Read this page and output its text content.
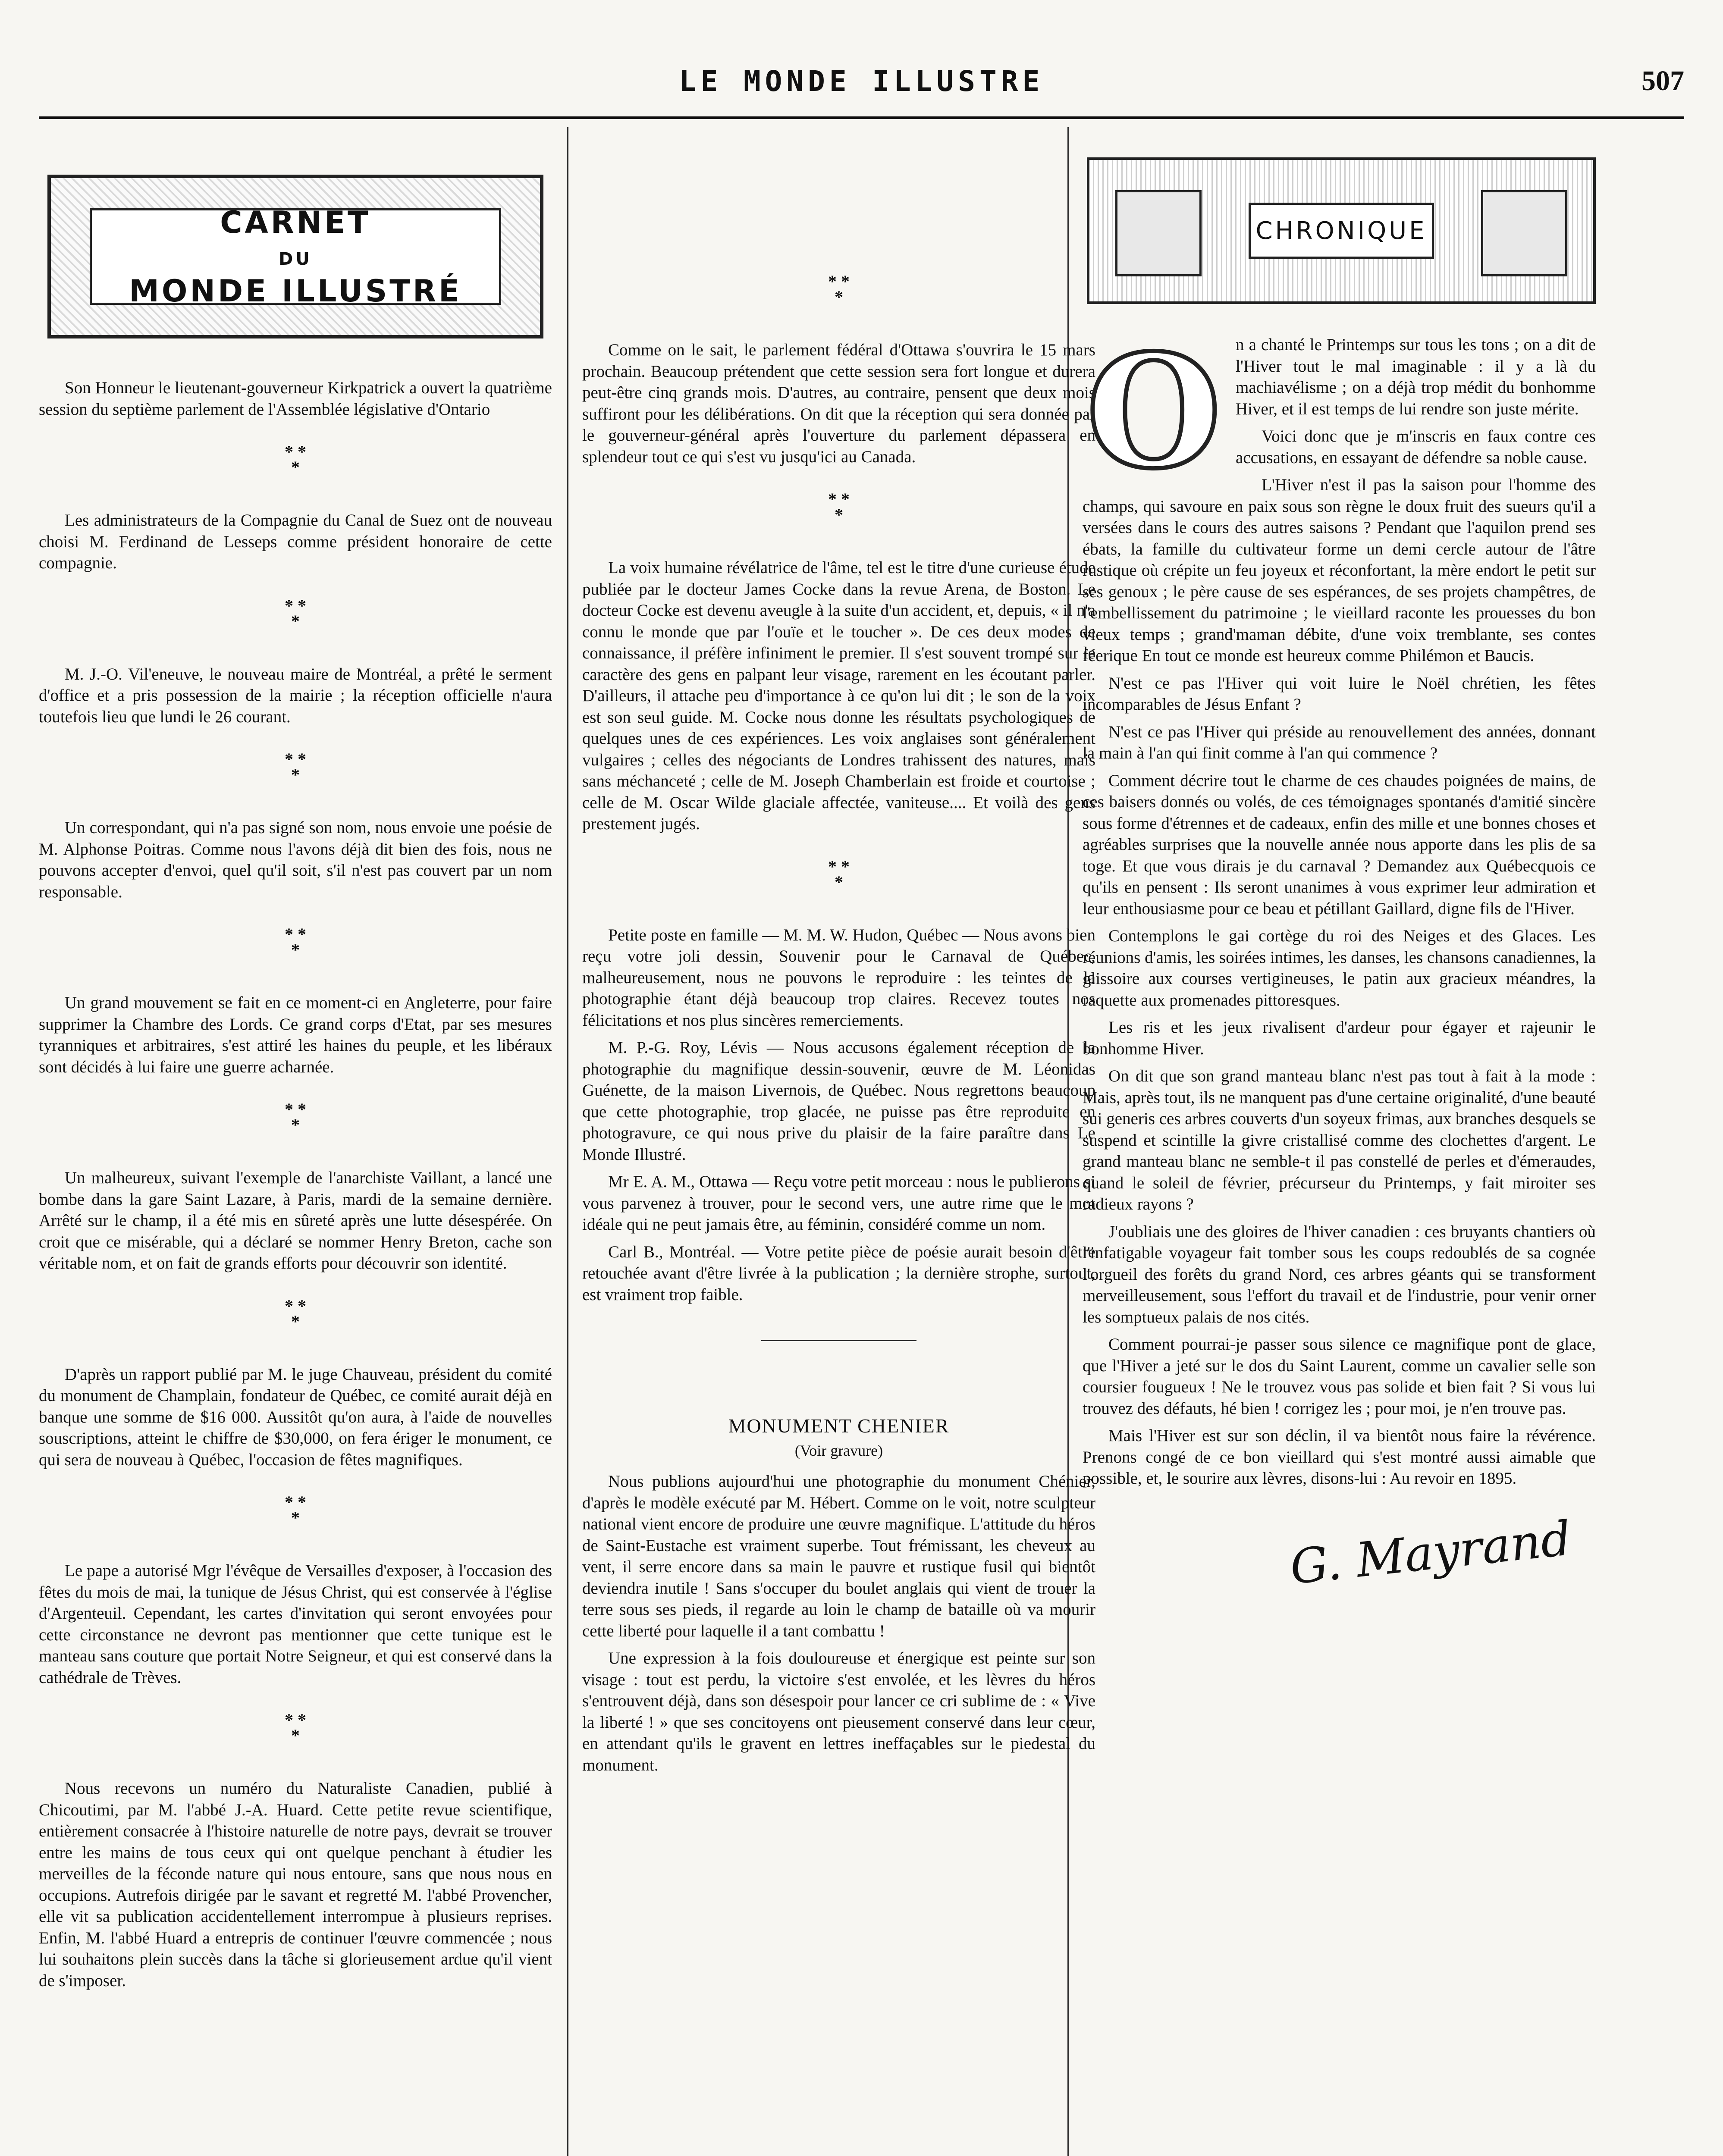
LE MONDE ILLUSTRE	507
CARNET
DU
MONDE ILLUSTRÉ

Son Honneur le lieutenant-gouverneur Kirkpatrick a ouvert la quatrième session du septième parlement de l'Assemblée législative d'Ontario

* *
*

Les administrateurs de la Compagnie du Canal de Suez ont de nouveau choisi M. Ferdinand de Lesseps comme président honoraire de cette compagnie.

* *
*

M. J.-O. Vil'eneuve, le nouveau maire de Montréal, a prêté le serment d'office et a pris possession de la mairie ; la réception officielle n'aura toutefois lieu que lundi le 26 courant.

* *
*

Un correspondant, qui n'a pas signé son nom, nous envoie une poésie de M. Alphonse Poitras. Comme nous l'avons déjà dit bien des fois, nous ne pouvons accepter d'envoi, quel qu'il soit, s'il n'est pas couvert par un nom responsable.

* *
*

Un grand mouvement se fait en ce moment-ci en Angleterre, pour faire supprimer la Chambre des Lords. Ce grand corps d'Etat, par ses mesures tyranniques et arbitraires, s'est attiré les haines du peuple, et les libéraux sont décidés à lui faire une guerre acharnée.

* *
*

Un malheureux, suivant l'exemple de l'anarchiste Vaillant, a lancé une bombe dans la gare Saint Lazare, à Paris, mardi de la semaine dernière. Arrêté sur le champ, il a été mis en sûreté après une lutte désespérée. On croit que ce misérable, qui a déclaré se nommer Henry Breton, cache son véritable nom, et on fait de grands efforts pour découvrir son identité.

* *
*

D'après un rapport publié par M. le juge Chauveau, président du comité du monument de Champlain, fondateur de Québec, ce comité aurait déjà en banque une somme de $16 000. Aussitôt qu'on aura, à l'aide de nouvelles souscriptions, atteint le chiffre de $30,000, on fera ériger le monument, ce qui sera de nouveau à Québec, l'occasion de fêtes magnifiques.

* *
*

Le pape a autorisé Mgr l'évêque de Versailles d'exposer, à l'occasion des fêtes du mois de mai, la tunique de Jésus Christ, qui est conservée à l'église d'Argenteuil. Cependant, les cartes d'invitation qui seront envoyées pour cette circonstance ne devront pas mentionner que cette tunique est le manteau sans couture que portait Notre Seigneur, et qui est conservé dans la cathédrale de Trèves.

* *
*

Nous recevons un numéro du Naturaliste Canadien, publié à Chicoutimi, par M. l'abbé J.-A. Huard. Cette petite revue scientifique, entièrement consacrée à l'histoire naturelle de notre pays, devrait se trouver entre les mains de tous ceux qui ont quelque penchant à étudier les merveilles de la féconde nature qui nous entoure, sans que nous nous en occupions. Autrefois dirigée par le savant et regretté M. l'abbé Provencher, elle vit sa publication accidentellement interrompue à plusieurs reprises. Enfin, M. l'abbé Huard a entrepris de continuer l'œuvre commencée ; nous lui souhaitons plein succès dans la tâche si glorieusement ardue qu'il vient de s'imposer.

* *
*

Comme on le sait, le parlement fédéral d'Ottawa s'ouvrira le 15 mars prochain. Beaucoup prétendent que cette session sera fort longue et durera peut-être cinq grands mois. D'autres, au contraire, pensent que deux mois suffiront pour les délibérations. On dit que la réception qui sera donnée par le gouverneur-général après l'ouverture du parlement dépassera en splendeur tout ce qui s'est vu jusqu'ici au Canada.

* *
*

La voix humaine révélatrice de l'âme, tel est le titre d'une curieuse étude publiée par le docteur James Cocke dans la revue Arena, de Boston. Le docteur Cocke est devenu aveugle à la suite d'un accident, et, depuis, « il n'a connu le monde que par l'ouïe et le toucher ». De ces deux modes de connaissance, il préfère infiniment le premier. Il s'est souvent trompé sur le caractère des gens en palpant leur visage, rarement en les écoutant parler. D'ailleurs, il attache peu d'importance à ce qu'on lui dit ; le son de la voix est son seul guide. M. Cocke nous donne les résultats psychologiques de quelques unes de ces expériences. Les voix anglaises sont généralement vulgaires ; celles des négociants de Londres trahissent des natures, mais sans méchanceté ; celle de M. Joseph Chamberlain est froide et courtoise ; celle de M. Oscar Wilde glaciale affectée, vaniteuse.... Et voilà des gens prestement jugés.

* *
*

Petite poste en famille — M. M. W. Hudon, Québec — Nous avons bien reçu votre joli dessin, Souvenir pour le Carnaval de Québec, malheureusement, nous ne pouvons le reproduire : les teintes de la photographie étant déjà beaucoup trop claires. Recevez toutes nos félicitations et nos plus sincères remerciements.

M. P.-G. Roy, Lévis — Nous accusons également réception de la photographie du magnifique dessin-souvenir, œuvre de M. Léonidas Guénette, de la maison Livernois, de Québec. Nous regrettons beaucoup que cette photographie, trop glacée, ne puisse pas être reproduite en photogravure, ce qui nous prive du plaisir de la faire paraître dans Le Monde Illustré.

Mr E. A. M., Ottawa — Reçu votre petit morceau : nous le publierons si vous parvenez à trouver, pour le second vers, une autre rime que le mot idéale qui ne peut jamais être, au féminin, considéré comme un nom.

Carl B., Montréal. — Votre petite pièce de poésie aurait besoin d'être retouchée avant d'être livrée à la publication ; la dernière strophe, surtout, est vraiment trop faible.

MONUMENT CHENIER
(Voir gravure)

Nous publions aujourd'hui une photographie du monument Chénier, d'après le modèle exécuté par M. Hébert. Comme on le voit, notre sculpteur national vient encore de produire une œuvre magnifique. L'attitude du héros de Saint-Eustache est vraiment superbe. Tout frémissant, les cheveux au vent, il serre encore dans sa main le pauvre et rustique fusil qui bientôt deviendra inutile ! Sans s'occuper du boulet anglais qui vient de trouer la terre sous ses pieds, il regarde au loin le champ de bataille où va mourir cette liberté pour laquelle il a tant combattu !

Une expression à la fois douloureuse et énergique est peinte sur son visage : tout est perdu, la victoire s'est envolée, et les lèvres du héros s'entrouvent déjà, dans son désespoir pour lancer ce cri sublime de : « Vive la liberté ! » que ses concitoyens ont pieusement conservé dans leur cœur, en attendant qu'ils le gravent en lettres ineffaçables sur le piedestal du monument.

CHRONIQUE
O n a chanté le Printemps sur tous les tons ; on a dit de l'Hiver tout le mal imaginable : il y a là du machiavélisme ; on a déjà trop médit du bonhomme Hiver, et il est temps de lui rendre son juste mérite.

Voici donc que je m'inscris en faux contre ces accusations, en essayant de défendre sa noble cause.

L'Hiver n'est il pas la saison pour l'homme des champs, qui savoure en paix sous son règne le doux fruit des sueurs qu'il a versées dans le cours des autres saisons ? Pendant que l'aquilon prend ses ébats, la famille du cultivateur forme un demi cercle autour de l'âtre rustique où crépite un feu joyeux et réconfortant, la mère endort le petit sur ses genoux ; le père cause de ses espérances, de ses projets champêtres, de l'embellissement du patrimoine ; le vieillard raconte les prouesses du bon vieux temps ; grand'maman débite, d'une voix tremblante, ses contes féerique En tout ce monde est heureux comme Philémon et Baucis.

N'est ce pas l'Hiver qui voit luire le Noël chrétien, les fêtes incomparables de Jésus Enfant ?

N'est ce pas l'Hiver qui préside au renouvellement des années, donnant la main à l'an qui finit comme à l'an qui commence ?

Comment décrire tout le charme de ces chaudes poignées de mains, de ces baisers donnés ou volés, de ces témoignages spontanés d'amitié sincère sous forme d'étrennes et de cadeaux, enfin des mille et une bonnes choses et agréables surprises que la nouvelle année nous apporte dans les plis de sa toge. Et que vous dirais je du carnaval ? Demandez aux Québecquois ce qu'ils en pensent : Ils seront unanimes à vous exprimer leur admiration et leur enthousiasme pour ce beau et pétillant Gaillard, digne fils de l'Hiver.

Contemplons le gai cortège du roi des Neiges et des Glaces. Les réunions d'amis, les soirées intimes, les danses, les chansons canadiennes, la glissoire aux courses vertigineuses, le patin aux gracieux méandres, la raquette aux promenades pittoresques.

Les ris et les jeux rivalisent d'ardeur pour égayer et rajeunir le bonhomme Hiver.

On dit que son grand manteau blanc n'est pas tout à fait à la mode : Mais, après tout, ils ne manquent pas d'une certaine originalité, d'une beauté sui generis ces arbres couverts d'un soyeux frimas, aux branches desquels se suspend et scintille la givre cristallisé comme des clochettes d'argent. Le grand manteau blanc ne semble-t il pas constellé de perles et d'émeraudes, quand le soleil de février, précurseur du Printemps, y fait miroiter ses radieux rayons ?

J'oubliais une des gloires de l'hiver canadien : ces bruyants chantiers où l'infatigable voyageur fait tomber sous les coups redoublés de sa cognée l'orgueil des forêts du grand Nord, ces arbres géants qui se transforment merveilleusement, sous l'effort du travail et de l'industrie, pour venir orner les somptueux palais de nos cités.

Comment pourrai-je passer sous silence ce magnifique pont de glace, que l'Hiver a jeté sur le dos du Saint Laurent, comme un cavalier selle son coursier fougueux ! Ne le trouvez vous pas solide et bien fait ? Si vous lui trouvez des défauts, hé bien ! corrigez les ; pour moi, je n'en trouve pas.

Mais l'Hiver est sur son déclin, il va bientôt nous faire la révérence. Prenons congé de ce bon vieillard qui s'est montré aussi aimable que possible, et, le sourire aux lèvres, disons-lui : Au revoir en 1895.

G. Mayrand
